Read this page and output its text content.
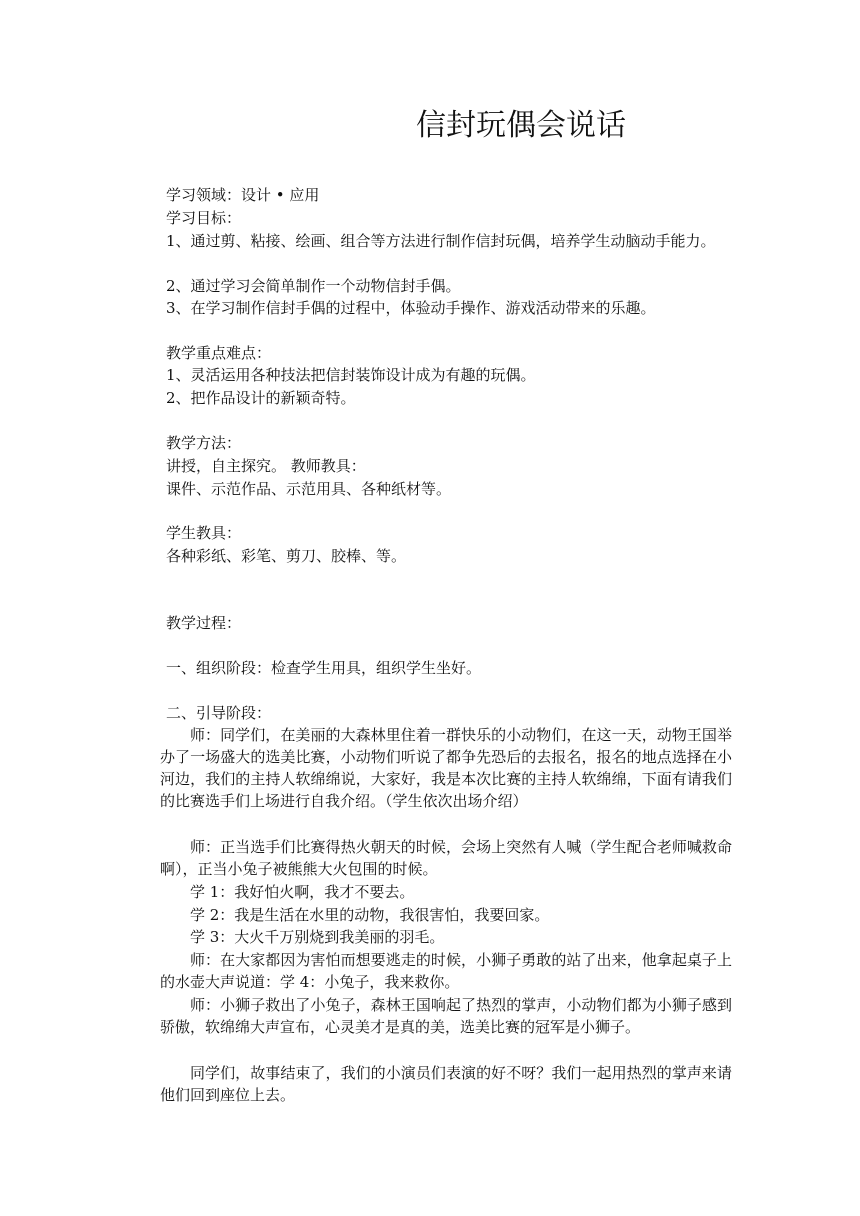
信封玩偶会说话
学习领域：设计 • 应用
学习目标：
1、通过剪、粘接、绘画、组合等方法进行制作信封玩偶，培养学生动脑动手能力。
2、通过学习会简单制作一个动物信封手偶。
3、在学习制作信封手偶的过程中，体验动手操作、游戏活动带来的乐趣。
教学重点难点：
1、灵活运用各种技法把信封装饰设计成为有趣的玩偶。
2、把作品设计的新颖奇特。
教学方法：
讲授，自主探究。 教师教具：
课件、示范作品、示范用具、各种纸材等。
学生教具：
各种彩纸、彩笔、剪刀、胶棒、等。
教学过程：
一、组织阶段：检查学生用具，组织学生坐好。
二、引导阶段：
师：同学们，在美丽的大森林里住着一群快乐的小动物们，在这一天，动物王国举办了一场盛大的选美比赛，小动物们听说了都争先恐后的去报名，报名的地点选择在小河边，我们的主持人软绵绵说，大家好，我是本次比赛的主持人软绵绵，下面有请我们的比赛选手们上场进行自我介绍。（学生依次出场介绍）
师：正当选手们比赛得热火朝天的时候，会场上突然有人喊（学生配合老师喊救命啊），正当小兔子被熊熊大火包围的时候。
学 1：我好怕火啊，我才不要去。
学 2：我是生活在水里的动物，我很害怕，我要回家。
学 3：大火千万别烧到我美丽的羽毛。
师：在大家都因为害怕而想要逃走的时候，小狮子勇敢的站了出来，他拿起桌子上的水壶大声说道：学 4：小兔子，我来救你。
师：小狮子救出了小兔子，森林王国响起了热烈的掌声，小动物们都为小狮子感到骄傲，软绵绵大声宣布，心灵美才是真的美，选美比赛的冠军是小狮子。
同学们，故事结束了，我们的小演员们表演的好不呀？我们一起用热烈的掌声来请他们回到座位上去。
